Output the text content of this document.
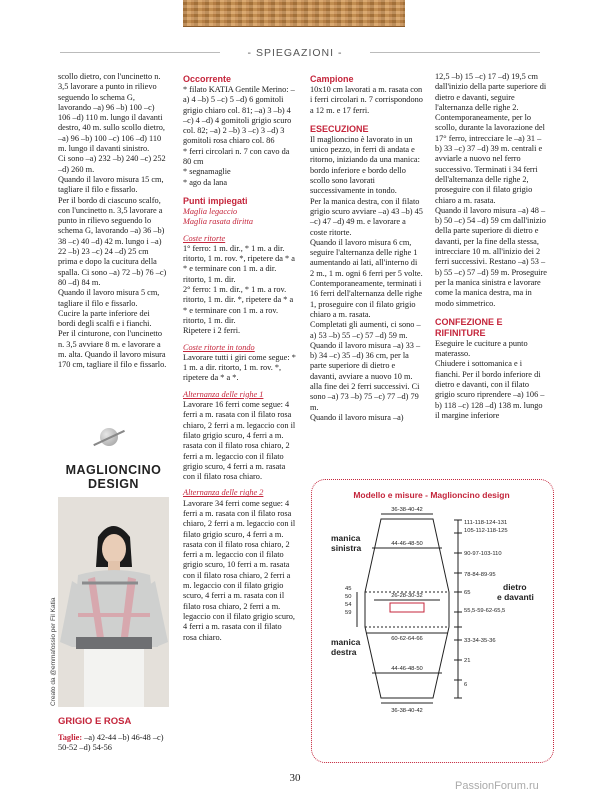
- SPIEGAZIONI -

scollo dietro, con l'uncinetto n. 3,5 lavorare a punto in rilievo seguendo lo schema G, lavorando –a) 96 –b) 100 –c) 106 –d) 110 m. lungo il davanti destro, 40 m. sullo scollo dietro, –a) 96 –b) 100 –c) 106 –d) 110 m. lungo il davanti sinistro.

Ci sono –a) 232 –b) 240 –c) 252 –d) 260 m.

Quando il lavoro misura 15 cm, tagliare il filo e fissarlo.

Per il bordo di ciascuno scalfo, con l'uncinetto n. 3,5 lavorare a punto in rilievo seguendo lo schema G, lavorando –a) 36 –b) 38 –c) 40 –d) 42 m. lungo i –a) 22 –b) 23 –c) 24 –d) 25 cm prima e dopo la cucitura della spalla. Ci sono –a) 72 –b) 76 –c) 80 –d) 84 m.

Quando il lavoro misura 5 cm, tagliare il filo e fissarlo.

Cucire la parte inferiore dei bordi degli scalfi e i fianchi.

Per il cinturone, con l'uncinetto n. 3,5 avviare 8 m. e lavorare a m. alta. Quando il lavoro misura 170 cm, tagliare il filo e fissarlo.

MAGLIONCINO DESIGN
Creato da @emmafossio per Fil Katia
GRIGIO E ROSA
Taglie: –a) 42-44 –b) 46-48 –c) 50-52 –d) 54-56
Occorrente

* filato KATIA Gentile Merino: –a) 4 –b) 5 –c) 5 –d) 6 gomitoli grigio chiaro col. 81; –a) 3 –b) 4 –c) 4 –d) 4 gomitoli grigio scuro col. 82; –a) 2 –b) 3 –c) 3 –d) 3 gomitoli rosa chiaro col. 86

* ferri circolari n. 7 con cavo da 80 cm

* segnamaglie

* ago da lana

Punti impiegati
Maglia legaccio
Maglia rasata diritta
Coste ritorte

1° ferro: 1 m. dir., * 1 m. a dir. ritorto, 1 m. rov. *, ripetere da * a * e terminare con 1 m. a dir. ritorto, 1 m. dir.

2° ferro: 1 m. dir., * 1 m. a rov. ritorto, 1 m. dir. *, ripetere da * a * e terminare con 1 m. a rov. ritorto, 1 m. dir.

Ripetere i 2 ferri.

Coste ritorte in tondo

Lavorare tutti i giri come segue: * 1 m. a dir. ritorto, 1 m. rov. *, ripetere da * a *.

Alternanza delle righe 1

Lavorare 16 ferri come segue: 4 ferri a m. rasata con il filato rosa chiaro, 2 ferri a m. legaccio con il filato grigio scuro, 4 ferri a m. rasata con il filato rosa chiaro, 2 ferri a m. legaccio con il filato grigio scuro, 4 ferri a m. rasata con il filato rosa chiaro.

Alternanza delle righe 2

Lavorare 34 ferri come segue: 4 ferri a m. rasata con il filato rosa chiaro, 2 ferri a m. legaccio con il filato grigio scuro, 4 ferri a m. rasata con il filato rosa chiaro, 2 ferri a m. legaccio con il filato grigio scuro, 10 ferri a m. rasata con il filato rosa chiaro, 2 ferri a m. legaccio con il filato grigio scuro, 4 ferri a m. rasata con il filato rosa chiaro, 2 ferri a m. legaccio con il filato grigio scuro, 4 ferri a m. rasata con il filato rosa chiaro.

Campione

10x10 cm lavorati a m. rasata con i ferri circolari n. 7 corrispondono a 12 m. e 17 ferri.

ESECUZIONE

Il maglioncino è lavorato in un unico pezzo, in ferri di andata e ritorno, iniziando da una manica: bordo inferiore e bordo dello scollo sono lavorati successivamente in tondo.

Per la manica destra, con il filato grigio scuro avviare –a) 43 –b) 45 –c) 47 –d) 49 m. e lavorare a coste ritorte.

Quando il lavoro misura 6 cm, seguire l'alternanza delle righe 1 aumentando ai lati, all'interno di 2 m., 1 m. ogni 6 ferri per 5 volte. Contemporaneamente, terminati i 16 ferri dell'alternanza delle righe 1, proseguire con il filato grigio chiaro a m. rasata.

Completati gli aumenti, ci sono –a) 53 –b) 55 –c) 57 –d) 59 m.

Quando il lavoro misura –a) 33 –b) 34 –c) 35 –d) 36 cm, per la parte superiore di dietro e davanti, avviare a nuovo 10 m. alla fine dei 2 ferri successivi. Ci sono –a) 73 –b) 75 –c) 77 –d) 79 m.

Quando il lavoro misura –a)

12,5 –b) 15 –c) 17 –d) 19,5 cm dall'inizio della parte superiore di dietro e davanti, seguire l'alternanza delle righe 2. Contemporaneamente, per lo scollo, durante la lavorazione del 17° ferro, intrecciare le –a) 31 –b) 33 –c) 37 –d) 39 m. centrali e avviarle a nuovo nel ferro successivo. Terminati i 34 ferri dell'alternanza delle righe 2, proseguire con il filato grigio chiaro a m. rasata.

Quando il lavoro misura –a) 48 –b) 50 –c) 54 –d) 59 cm dall'inizio della parte superiore di dietro e davanti, per la fine della stessa, intrecciare 10 m. all'inizio dei 2 ferri successivi. Restano –a) 53 –b) 55 –c) 57 –d) 59 m. Proseguire per la manica sinistra e lavorare come la manica destra, ma in modo simmetrico.

CONFEZIONE E RIFINITURE

Eseguire le cuciture a punto materasso.

Chiudere i sottomanica e i fianchi. Per il bordo inferiore di dietro e davanti, con il filato grigio scuro riprendere –a) 106 –b) 118 –c) 128 –d) 138 m. lungo il margine inferiore

Modello e misure - Maglioncino design
36-38-40-42
44-46-48-50
26-28-30-32
60-62-64-66
44-46-48-50
36-38-40-42
111-118-124-131
105-112-118-125
90-97-103-110
78-84-89-95
65
55,5-59-62-65,5
33-34-35-36
21
6
45 50 54 59
manica sinistra
manica destra
dietro e davanti
30
PassionForum.ru
